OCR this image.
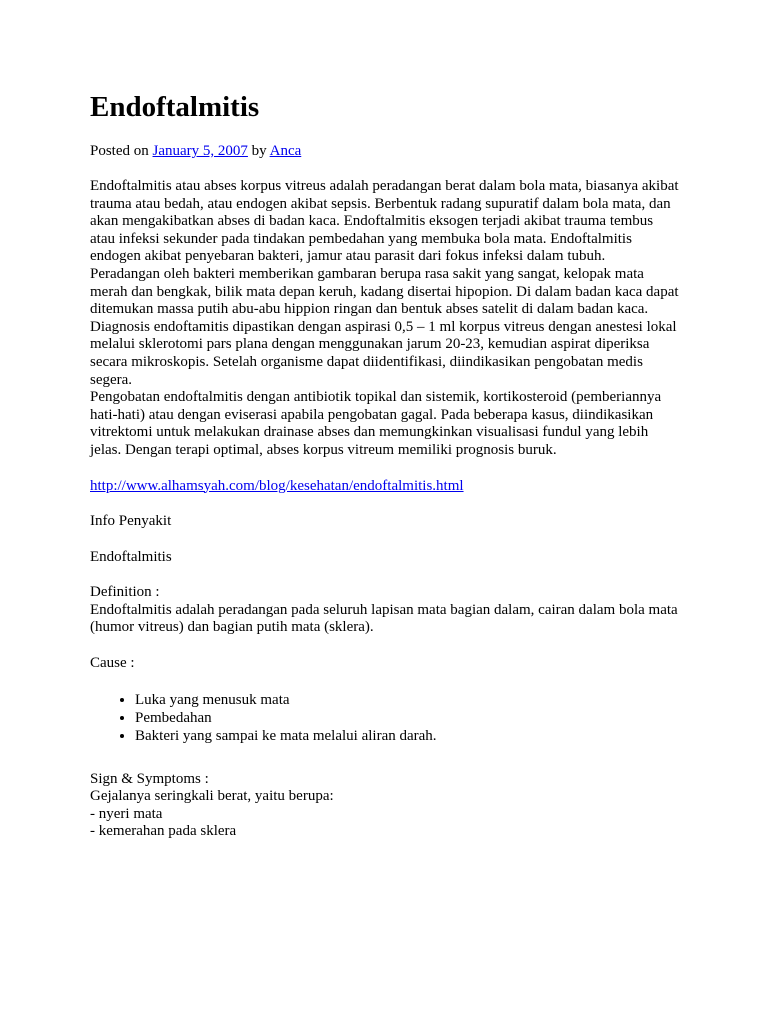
Endoftalmitis
Posted on January 5, 2007 by Anca

Endoftalmitis atau abses korpus vitreus adalah peradangan berat dalam bola mata, biasanya akibat trauma atau bedah, atau endogen akibat sepsis. Berbentuk radang supuratif dalam bola mata, dan akan mengakibatkan abses di badan kaca. Endoftalmitis eksogen terjadi akibat trauma tembus atau infeksi sekunder pada tindakan pembedahan yang membuka bola mata. Endoftalmitis endogen akibat penyebaran bakteri, jamur atau parasit dari fokus infeksi dalam tubuh.

Peradangan oleh bakteri memberikan gambaran berupa rasa sakit yang sangat, kelopak mata merah dan bengkak, bilik mata depan keruh, kadang disertai hipopion. Di dalam badan kaca dapat ditemukan massa putih abu-abu hippion ringan dan bentuk abses satelit di dalam badan kaca.

Diagnosis endoftamitis dipastikan dengan aspirasi 0,5 – 1 ml korpus vitreus dengan anestesi lokal melalui sklerotomi pars plana dengan menggunakan jarum 20-23, kemudian aspirat diperiksa secara mikroskopis. Setelah organisme dapat diidentifikasi, diindikasikan pengobatan medis segera.

Pengobatan endoftalmitis dengan antibiotik topikal dan sistemik, kortikosteroid (pemberiannya hati-hati) atau dengan eviserasi apabila pengobatan gagal. Pada beberapa kasus, diindikasikan vitrektomi untuk melakukan drainase abses dan memungkinkan visualisasi fundul yang lebih jelas. Dengan terapi optimal, abses korpus vitreum memiliki prognosis buruk.

http://www.alhamsyah.com/blog/kesehatan/endoftalmitis.html
Info Penyakit
Endoftalmitis

Definition :

Endoftalmitis adalah peradangan pada seluruh lapisan mata bagian dalam, cairan dalam bola mata (humor vitreus) dan bagian putih mata (sklera).

Cause :
• Luka yang menusuk mata
• Pembedahan
• Bakteri yang sampai ke mata melalui aliran darah.

Sign & Symptoms :

Gejalanya seringkali berat, yaitu berupa:

- nyeri mata

- kemerahan pada sklera
